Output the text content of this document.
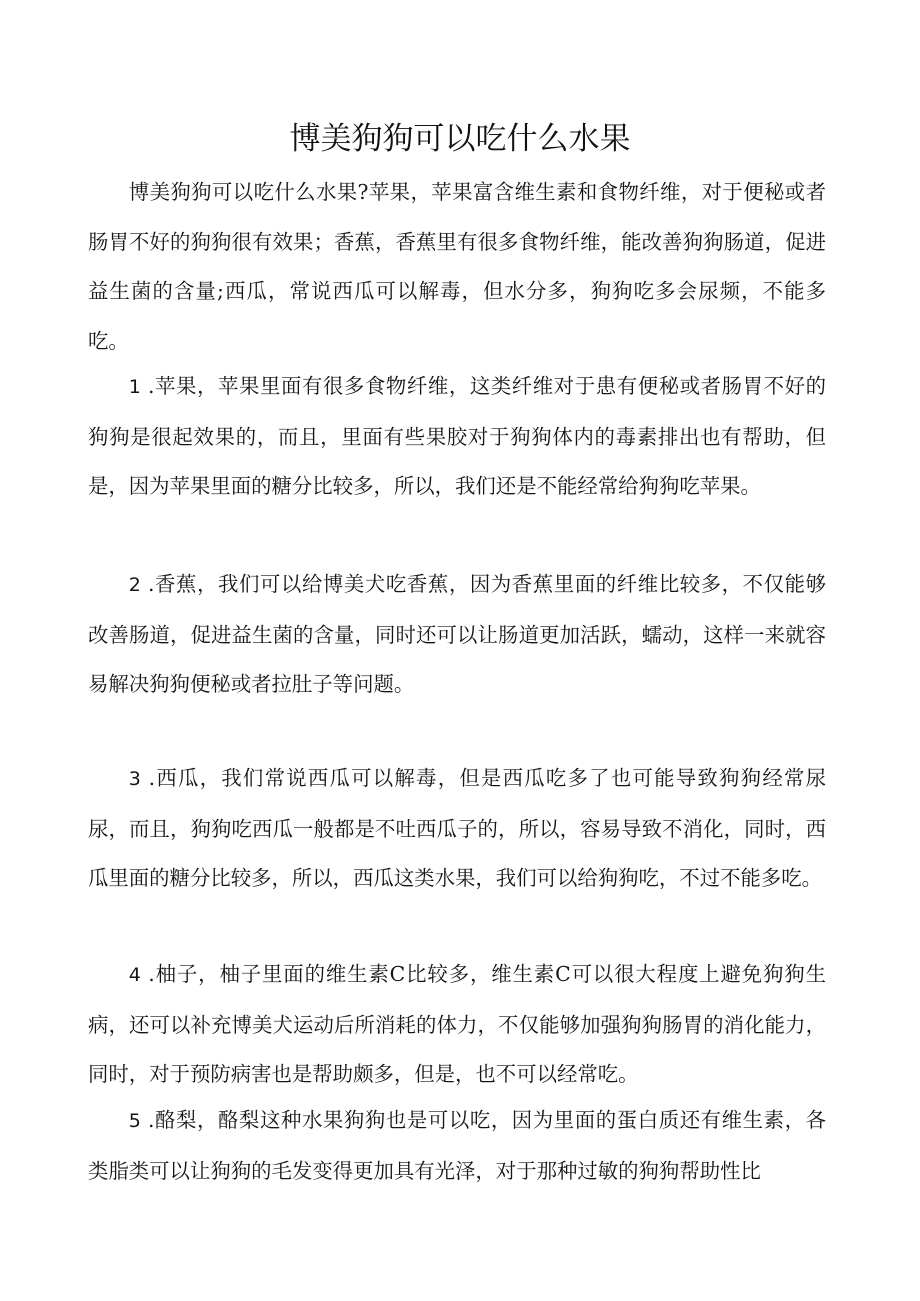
博美狗狗可以吃什么水果

博美狗狗可以吃什么水果?苹果，苹果富含维生素和食物纤维，对于便秘或者肠胃不好的狗狗很有效果；香蕉，香蕉里有很多食物纤维，能改善狗狗肠道，促进益生菌的含量;西瓜，常说西瓜可以解毒，但水分多，狗狗吃多会尿频，不能多吃。

1 .苹果，苹果里面有很多食物纤维，这类纤维对于患有便秘或者肠胃不好的狗狗是很起效果的，而且，里面有些果胶对于狗狗体内的毒素排出也有帮助，但是，因为苹果里面的糖分比较多，所以，我们还是不能经常给狗狗吃苹果。

2 .香蕉，我们可以给博美犬吃香蕉，因为香蕉里面的纤维比较多，不仅能够改善肠道，促进益生菌的含量，同时还可以让肠道更加活跃，蠕动，这样一来就容易解决狗狗便秘或者拉肚子等问题。

3 .西瓜，我们常说西瓜可以解毒，但是西瓜吃多了也可能导致狗狗经常尿尿，而且，狗狗吃西瓜一般都是不吐西瓜子的，所以，容易导致不消化，同时，西瓜里面的糖分比较多，所以，西瓜这类水果，我们可以给狗狗吃，不过不能多吃。

4 .柚子，柚子里面的维生素C比较多，维生素C可以很大程度上避免狗狗生病，还可以补充博美犬运动后所消耗的体力，不仅能够加强狗狗肠胃的消化能力，同时，对于预防病害也是帮助颇多，但是，也不可以经常吃。

5 .酪梨，酪梨这种水果狗狗也是可以吃，因为里面的蛋白质还有维生素，各类脂类可以让狗狗的毛发变得更加具有光泽，对于那种过敏的狗狗帮助性比
